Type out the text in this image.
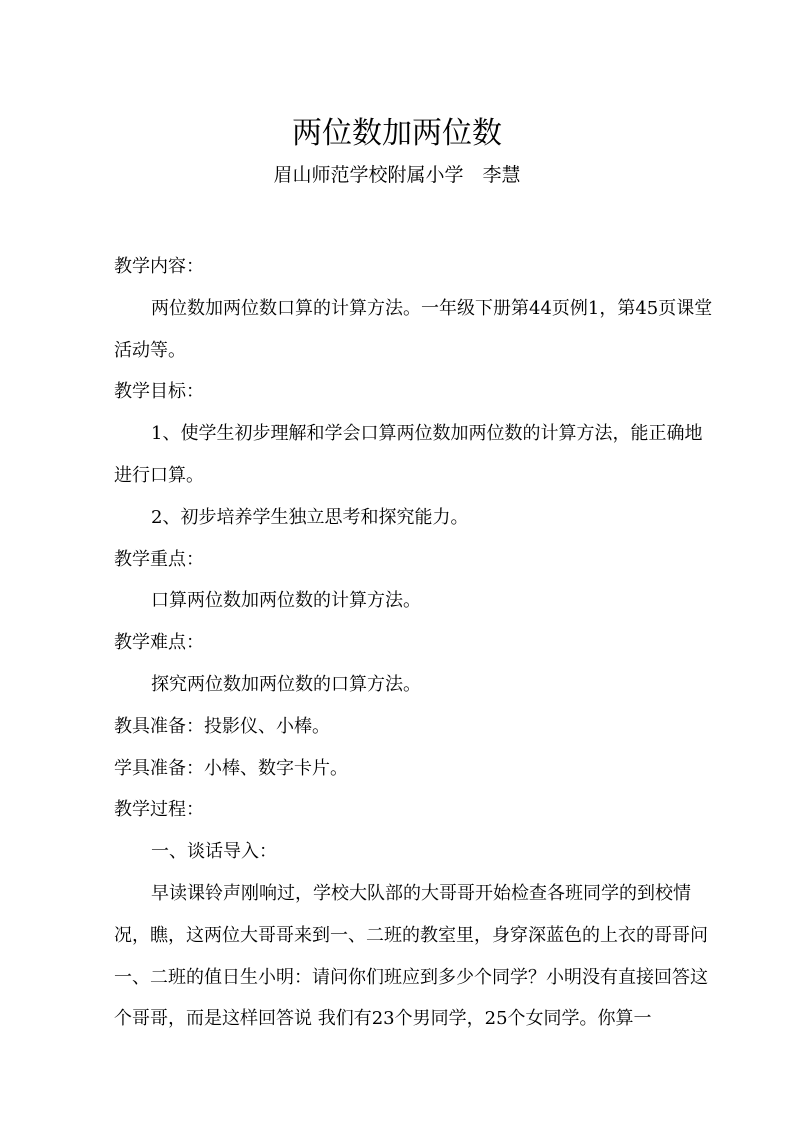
两位数加两位数
眉山师范学校附属小学　李慧

教学内容：

两位数加两位数口算的计算方法。一年级下册第44页例1，第45页课堂活动等。

教学目标：

1、使学生初步理解和学会口算两位数加两位数的计算方法，能正确地进行口算。

2、初步培养学生独立思考和探究能力。

教学重点：

口算两位数加两位数的计算方法。

教学难点：

探究两位数加两位数的口算方法。

教具准备：投影仪、小棒。

学具准备：小棒、数字卡片。

教学过程：

一、谈话导入：

早读课铃声刚响过，学校大队部的大哥哥开始检查各班同学的到校情况，瞧，这两位大哥哥来到一、二班的教室里，身穿深蓝色的上衣的哥哥问一、二班的值日生小明：请问你们班应到多少个同学？小明没有直接回答这个哥哥，而是这样回答说 我们有23个男同学，25个女同学。你算一
